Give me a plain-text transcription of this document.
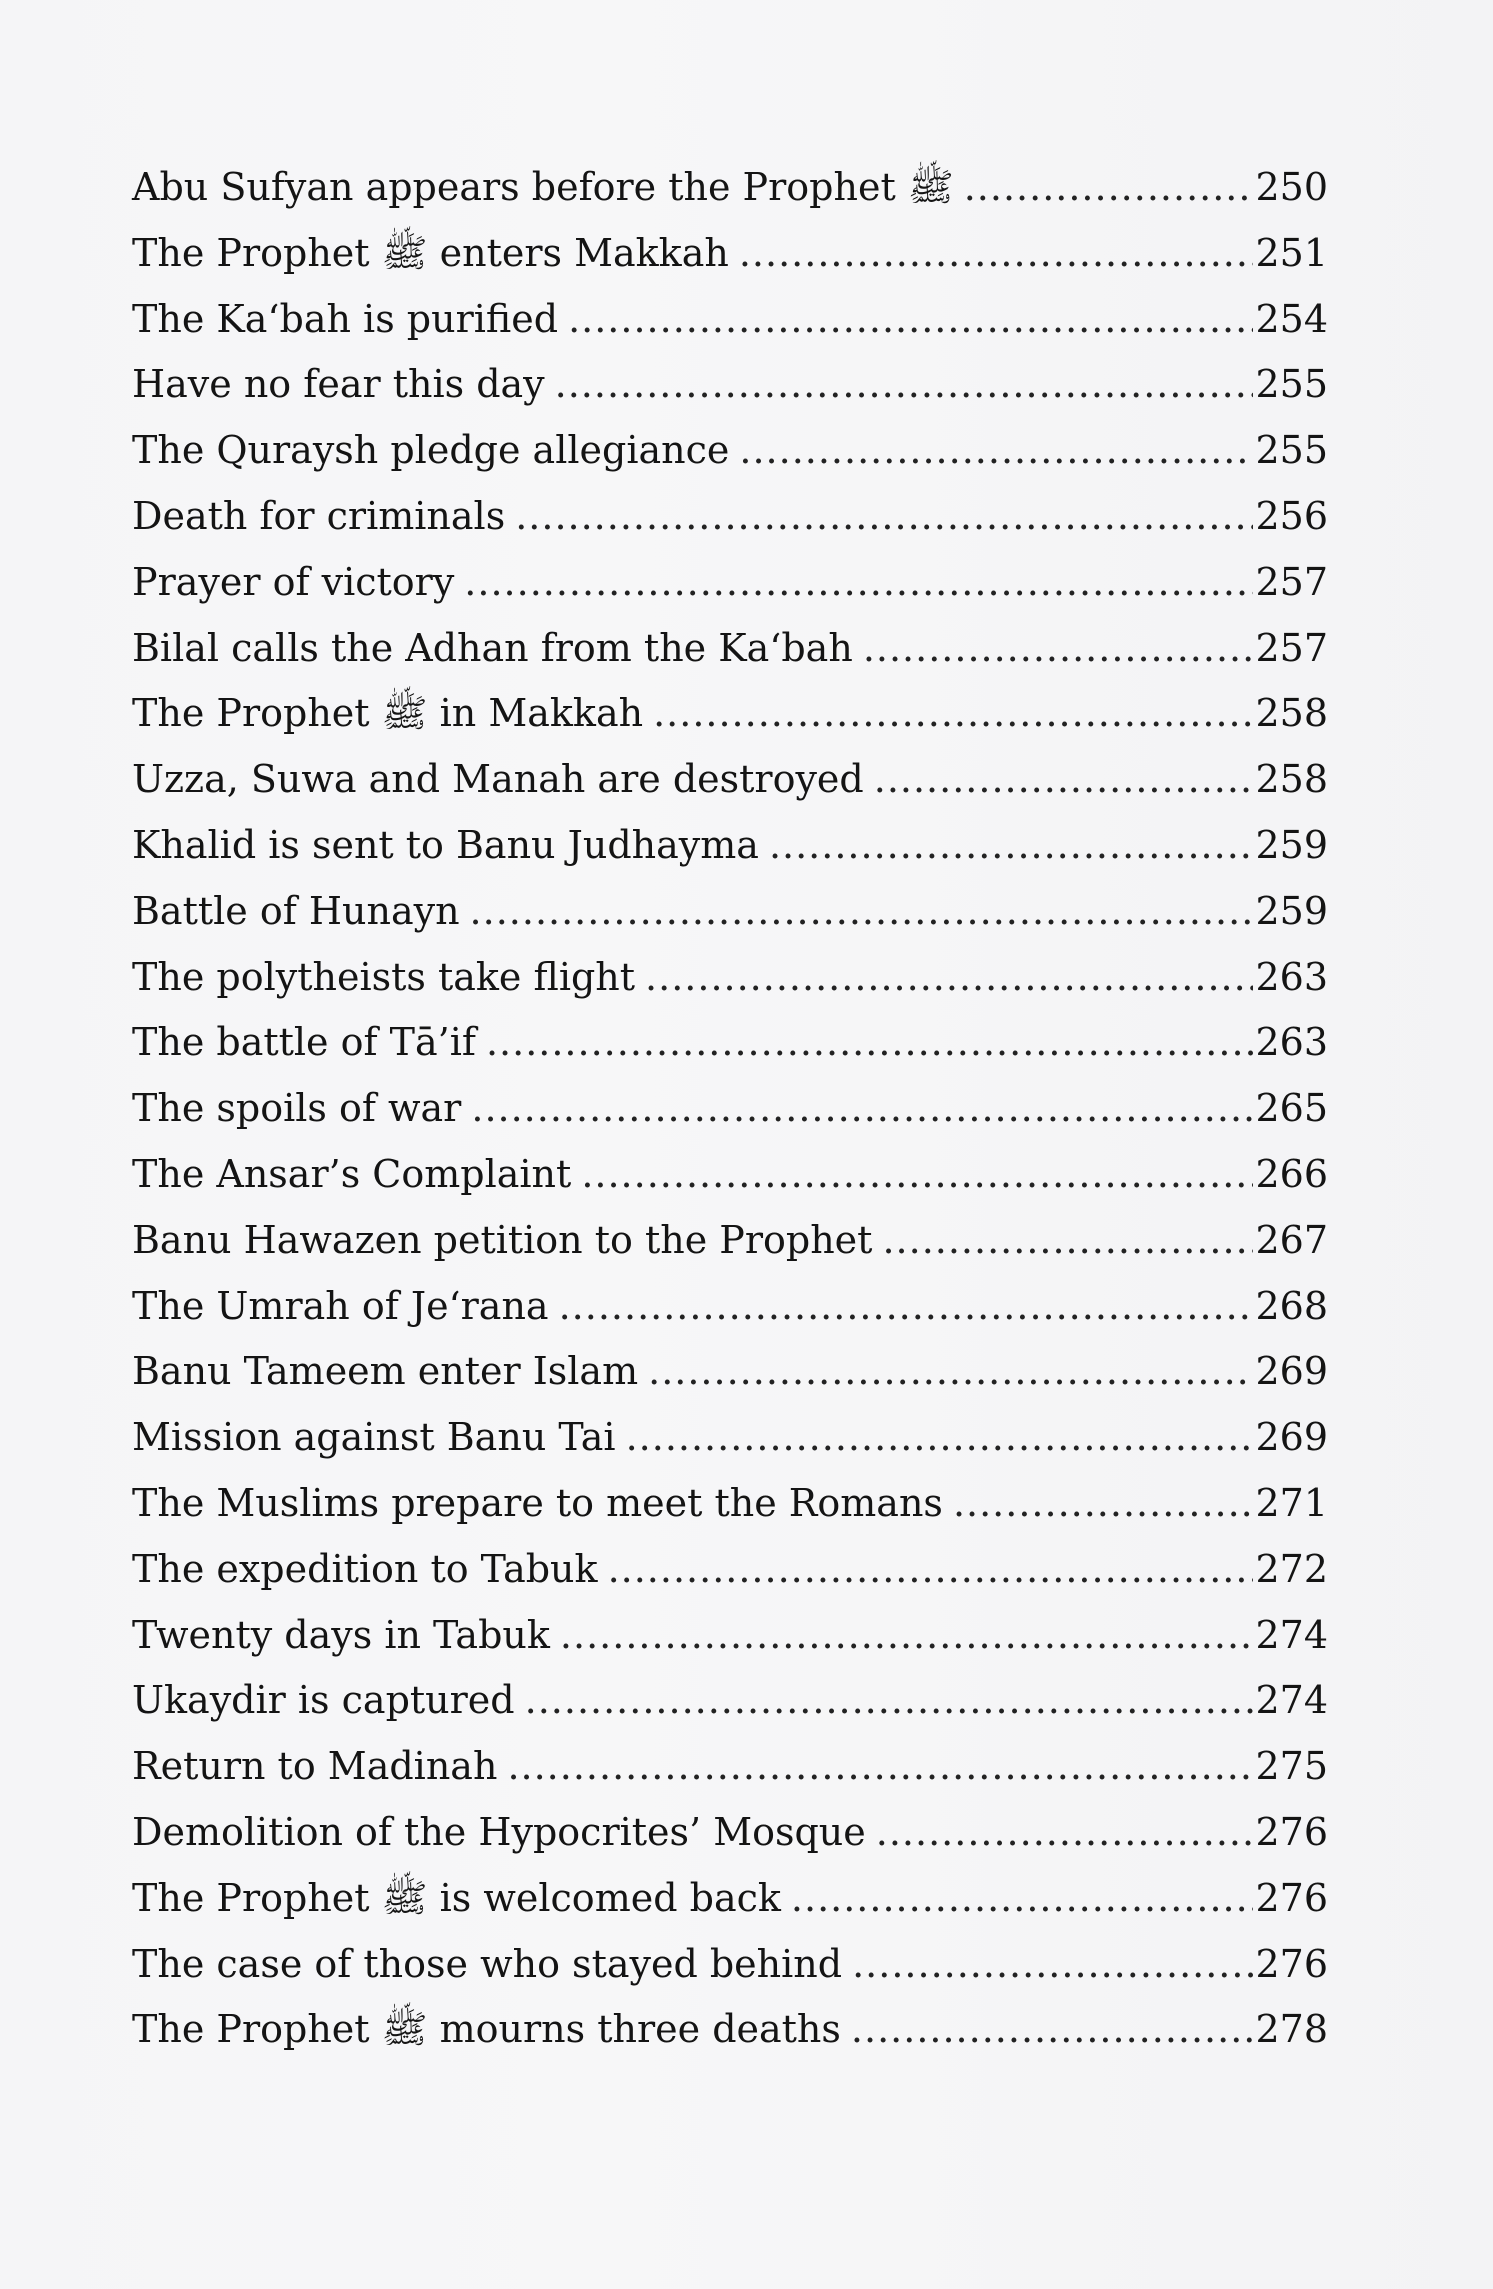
Abu Sufyan appears before the Prophet ﷺ .....	250
The Prophet ﷺ enters Makkah .....	251
The Ka‘bah is purified .....	254
Have no fear this day .....	255
The Quraysh pledge allegiance .....	255
Death for criminals .....	256
Prayer of victory .....	257
Bilal calls the Adhan from the Ka‘bah .....	257
The Prophet ﷺ in Makkah .....	258
Uzza, Suwa and Manah are destroyed .....	258
Khalid is sent to Banu Judhayma .....	259
Battle of Hunayn .....	259
The polytheists take flight .....	263
The battle of Tā’if .....	263
The spoils of war .....	265
The Ansar’s Complaint .....	266
Banu Hawazen petition to the Prophet .....	267
The Umrah of Je‘rana .....	268
Banu Tameem enter Islam .....	269
Mission against Banu Tai .....	269
The Muslims prepare to meet the Romans .....	271
The expedition to Tabuk .....	272
Twenty days in Tabuk .....	274
Ukaydir is captured .....	274
Return to Madinah .....	275
Demolition of the Hypocrites’ Mosque .....	276
The Prophet ﷺ is welcomed back .....	276
The case of those who stayed behind .....	276
The Prophet ﷺ mourns three deaths .....	278
